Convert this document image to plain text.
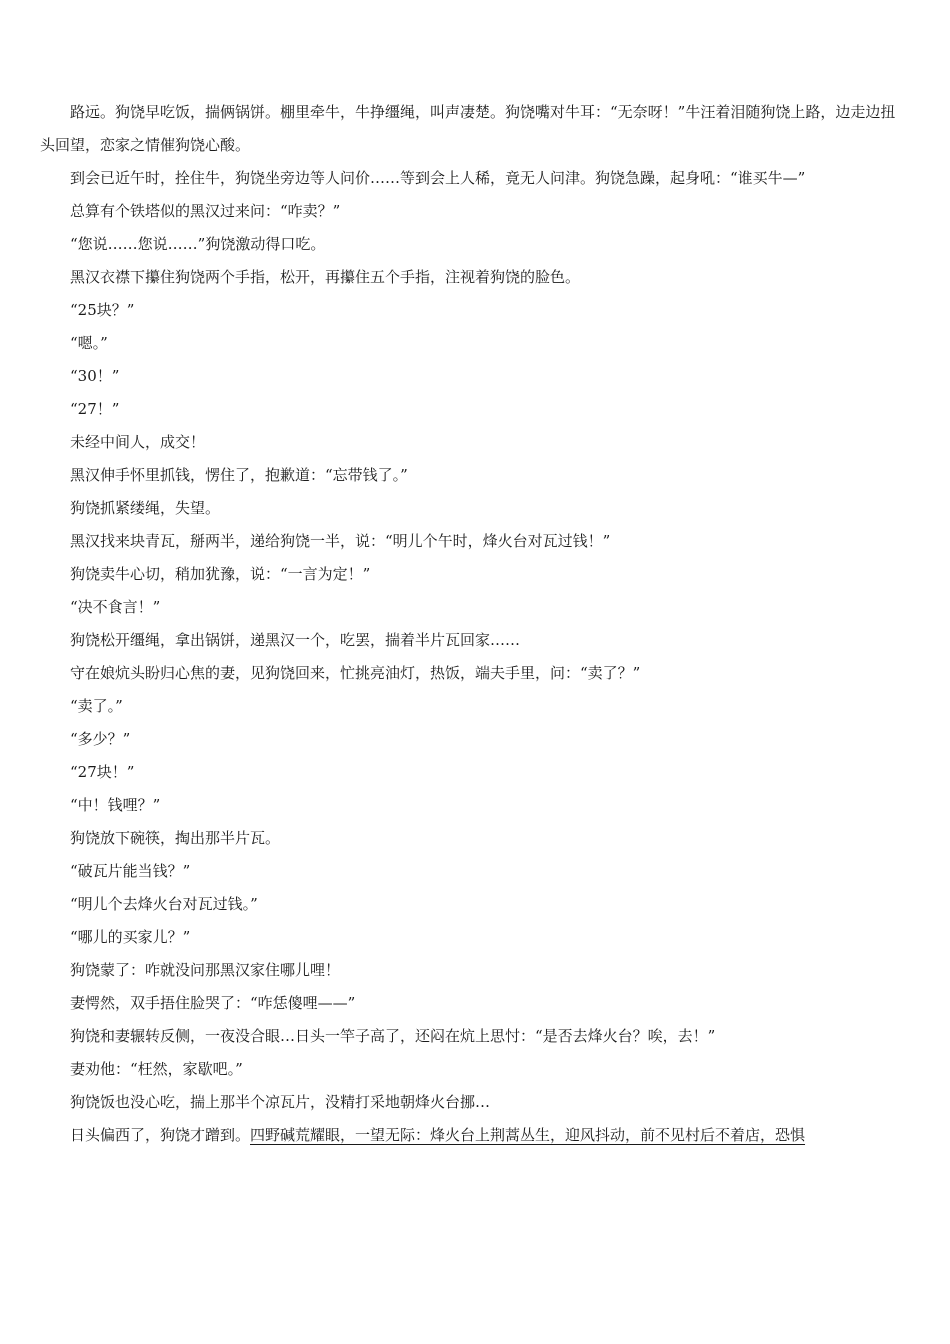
路远。狗饶早吃饭，揣俩锅饼。棚里牵牛，牛挣缰绳，叫声凄楚。狗饶嘴对牛耳：“无奈呀！”牛汪着泪随狗饶上路，边走边扭头回望，恋家之情催狗饶心酸。

到会已近午时，拴住牛，狗饶坐旁边等人问价……等到会上人稀，竟无人问津。狗饶急躁，起身吼：“谁买牛—”

总算有个铁塔似的黑汉过来问：“咋卖？”

“您说……您说……”狗饶激动得口吃。

黑汉衣襟下攥住狗饶两个手指，松开，再攥住五个手指，注视着狗饶的脸色。

“25块？”

“嗯。”

“30！”

“27！”

未经中间人，成交！

黑汉伸手怀里抓钱，愣住了，抱歉道：“忘带钱了。”

狗饶抓紧缕绳，失望。

黑汉找来块青瓦，掰两半，递给狗饶一半，说：“明儿个午时，烽火台对瓦过钱！”

狗饶卖牛心切，稍加犹豫，说：“一言为定！”

“决不食言！”

狗饶松开缰绳，拿出锅饼，递黑汉一个，吃罢，揣着半片瓦回家……

守在娘炕头盼归心焦的妻，见狗饶回来，忙挑亮油灯，热饭，端夫手里，问：“卖了？”

“卖了。”

“多少？”

“27块！”

“中！钱哩？”

狗饶放下碗筷，掏出那半片瓦。

“破瓦片能当钱？”

“明儿个去烽火台对瓦过钱。”

“哪儿的买家儿？”

狗饶蒙了：咋就没问那黑汉家住哪儿哩！

妻愕然，双手捂住脸哭了：“咋恁傻哩——”

狗饶和妻辗转反侧，一夜没合眼…日头一竿子高了，还闷在炕上思忖：“是否去烽火台？唉，去！”

妻劝他：“枉然，家歇吧。”

狗饶饭也没心吃，揣上那半个凉瓦片，没精打采地朝烽火台挪…

日头偏西了，狗饶才蹭到。四野碱荒耀眼，一望无际：烽火台上荆蒿丛生，迎风抖动，前不见村后不着店，恐惧
